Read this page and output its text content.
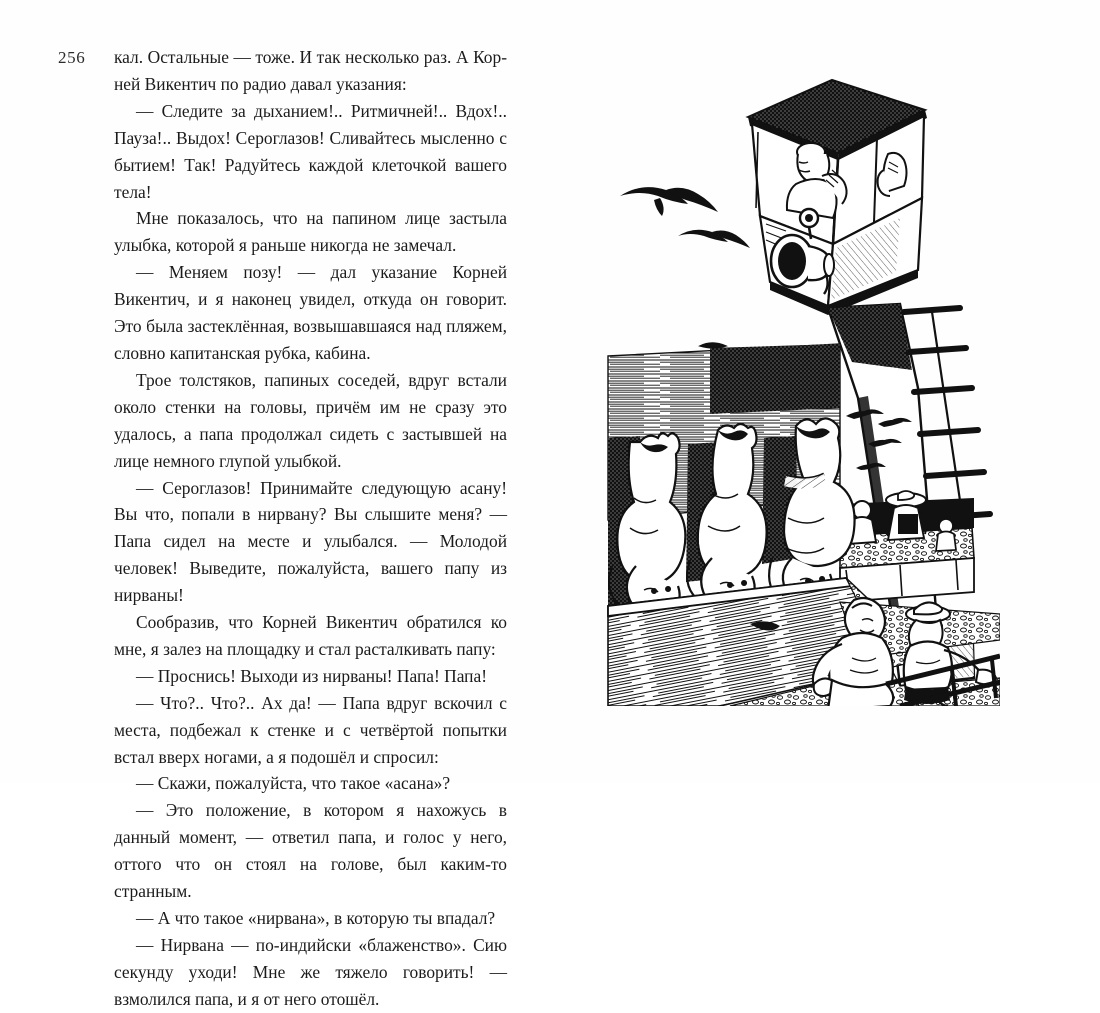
256 кал. Остальные — тоже. И так несколько раз. А Корней Викентич по радио давал указания:

— Следите за дыханием!.. Ритмичней!.. Вдох!.. Пауза!.. Выдох! Сероглазов! Сливайтесь мысленно с бытием! Так! Радуйтесь каждой клеточкой вашего тела!

Мне показалось, что на папином лице застыла улыбка, которой я раньше никогда не замечал.

— Меняем позу! — дал указание Корней Викентич, и я наконец увидел, откуда он говорит. Это была застеклённая, возвышавшаяся над пляжем, словно капитанская рубка, кабина.

Трое толстяков, папиных соседей, вдруг встали около стенки на головы, причём им не сразу это удалось, а папа продолжал сидеть с застывшей на лице немного глупой улыбкой.

— Сероглазов! Принимайте следующую асану! Вы что, попали в нирвану? Вы слышите меня? — Папа сидел на месте и улыбался. — Молодой человек! Выведите, пожалуйста, вашего папу из нирваны!

Сообразив, что Корней Викентич обратился ко мне, я залез на площадку и стал расталкивать папу:

— Проснись! Выходи из нирваны! Папа! Папа!

— Что?.. Что?.. Ах да! — Папа вдруг вскочил с места, подбежал к стенке и с четвёртой попытки встал вверх ногами, а я подошёл и спросил:

— Скажи, пожалуйста, что такое «асана»?

— Это положение, в котором я нахожусь в данный момент, — ответил папа, и голос у него, оттого что он стоял на голове, был каким-то странным.

— А что такое «нирвана», в которую ты впадал?

— Нирвана — по-индийски «блаженство». Сию секунду уходи! Мне же тяжело говорить! — взмолился папа, и я от него отошёл.
